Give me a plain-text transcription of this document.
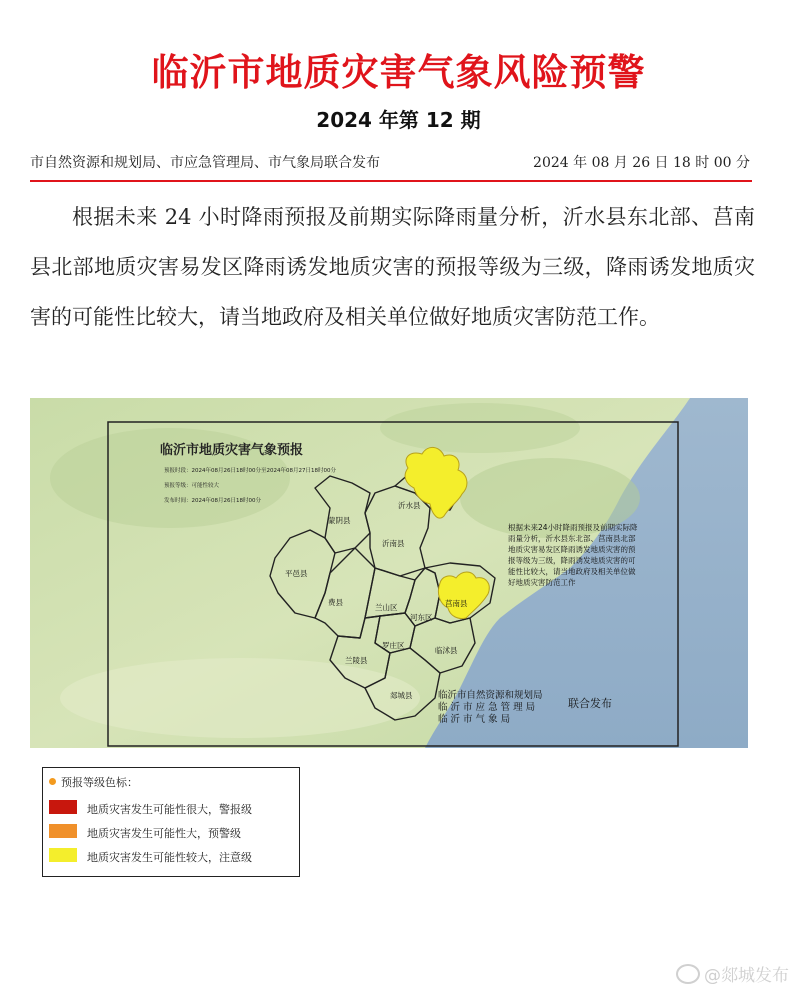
临沂市地质灾害气象风险预警
2024 年第 12 期
市自然资源和规划局、市应急管理局、市气象局联合发布	2024 年 08 月 26 日 18 时 00 分
根据未来 24 小时降雨预报及前期实际降雨量分析，沂水县东北部、莒南县北部地质灾害易发区降雨诱发地质灾害的预报等级为三级，降雨诱发地质灾害的可能性比较大，请当地政府及相关单位做好地质灾害防范工作。
蒙阴县
沂南县
平邑县
费县
兰山区
河东区
莒南县
罗庄区
临沭县
兰陵县
郯城县
沂水县
临沂市地质灾害气象预报
预报时段：2024年08月26日18时00分至2024年08月27日18时00分
预报等级：可能性较大
发布时间：2024年08月26日18时00分
根据未来24小时降雨预报及前期实际降雨量分析，沂水县东北部、莒南县北部地质灾害易发区降雨诱发地质灾害的预报等级为三级，降雨诱发地质灾害的可能性比较大，请当地政府及相关单位做好地质灾害防范工作
临沂市自然资源和规划局
临 沂 市 应 急 管 理 局
临 沂 市 气 象 局
联合发布
预报等级色标：
地质灾害发生可能性很大，警报级
地质灾害发生可能性大，预警级
地质灾害发生可能性较大，注意级
@郯城发布
